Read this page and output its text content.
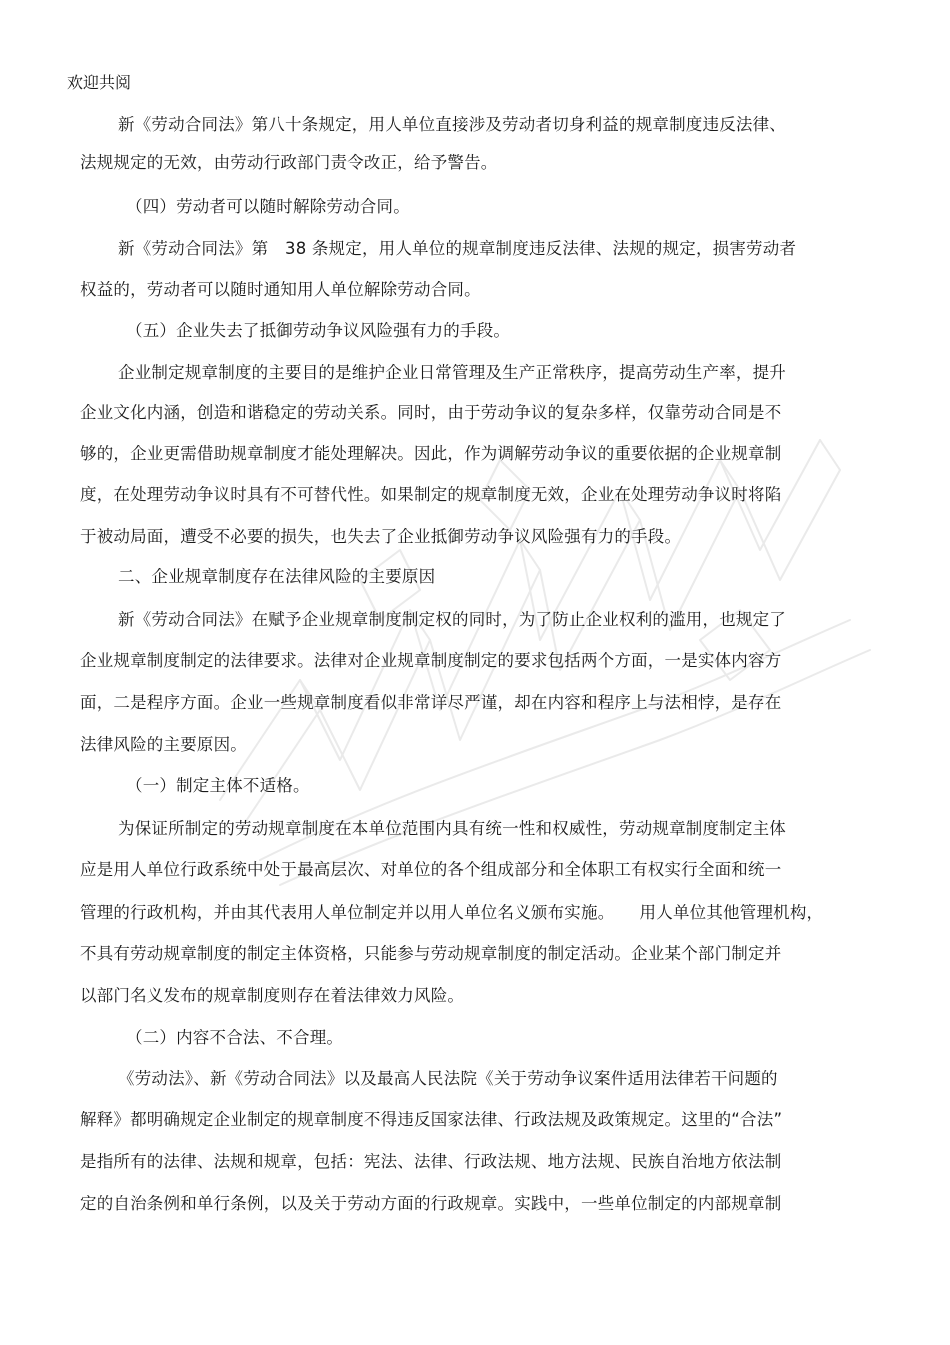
欢迎共阅
新《劳动合同法》第八十条规定，用人单位直接涉及劳动者切身利益的规章制度违反法律、
法规规定的无效，由劳动行政部门责令改正，给予警告。
（四）劳动者可以随时解除劳动合同。
新《劳动合同法》第　38 条规定，用人单位的规章制度违反法律、法规的规定，损害劳动者
权益的，劳动者可以随时通知用人单位解除劳动合同。
（五）企业失去了抵御劳动争议风险强有力的手段。
企业制定规章制度的主要目的是维护企业日常管理及生产正常秩序，提高劳动生产率，提升
企业文化内涵，创造和谐稳定的劳动关系。同时，由于劳动争议的复杂多样，仅靠劳动合同是不
够的，企业更需借助规章制度才能处理解决。因此，作为调解劳动争议的重要依据的企业规章制
度，在处理劳动争议时具有不可替代性。如果制定的规章制度无效，企业在处理劳动争议时将陷
于被动局面，遭受不必要的损失，也失去了企业抵御劳动争议风险强有力的手段。
二、企业规章制度存在法律风险的主要原因
新《劳动合同法》在赋予企业规章制度制定权的同时，为了防止企业权利的滥用，也规定了
企业规章制度制定的法律要求。法律对企业规章制度制定的要求包括两个方面，一是实体内容方
面，二是程序方面。企业一些规章制度看似非常详尽严谨，却在内容和程序上与法相悖，是存在
法律风险的主要原因。
（一）制定主体不适格。
为保证所制定的劳动规章制度在本单位范围内具有统一性和权威性，劳动规章制度制定主体
应是用人单位行政系统中处于最高层次、对单位的各个组成部分和全体职工有权实行全面和统一
管理的行政机构，并由其代表用人单位制定并以用人单位名义颁布实施。　　用人单位其他管理机构，
不具有劳动规章制度的制定主体资格，只能参与劳动规章制度的制定活动。企业某个部门制定并
以部门名义发布的规章制度则存在着法律效力风险。
（二）内容不合法、不合理。
《劳动法》、新《劳动合同法》以及最高人民法院《关于劳动争议案件适用法律若干问题的
解释》都明确规定企业制定的规章制度不得违反国家法律、行政法规及政策规定。这里的“合法”
是指所有的法律、法规和规章，包括：宪法、法律、行政法规、地方法规、民族自治地方依法制
定的自治条例和单行条例，以及关于劳动方面的行政规章。实践中，一些单位制定的内部规章制
